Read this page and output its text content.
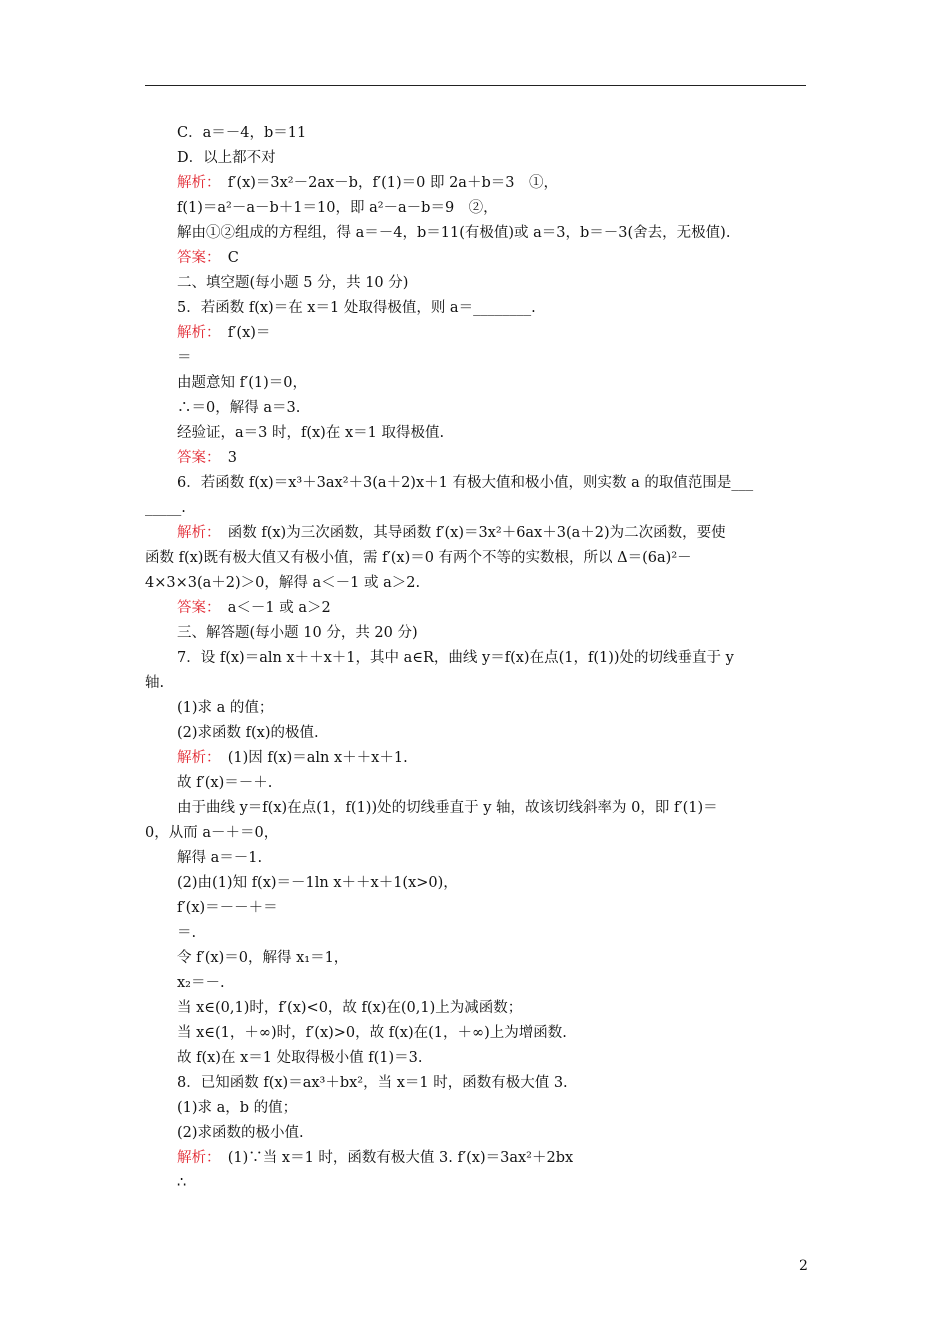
C．a＝－4，b＝11
D．以上都不对
解析：　f′(x)＝3x²－2ax－b，f′(1)＝0 即 2a＋b＝3　①，
f(1)＝a²－a－b＋1＝10，即 a²－a－b＝9　②，
解由①②组成的方程组，得 a＝－4，b＝11(有极值)或 a＝3，b＝－3(舍去，无极值).
答案：　C
二、填空题(每小题 5 分，共 10 分)
5．若函数 f(x)＝在 x＝1 处取得极值，则 a＝________.
解析：　f′(x)＝
＝
由题意知 f′(1)＝0，
∴＝0，解得 a＝3.
经验证，a＝3 时，f(x)在 x＝1 取得极值.
答案：　3
6．若函数 f(x)＝x³＋3ax²＋3(a＋2)x＋1 有极大值和极小值，则实数 a 的取值范围是___
_____.
解析：　函数 f(x)为三次函数，其导函数 f′(x)＝3x²＋6ax＋3(a＋2)为二次函数，要使
函数 f(x)既有极大值又有极小值，需 f′(x)＝0 有两个不等的实数根，所以 Δ＝(6a)²－
4×3×3(a＋2)＞0，解得 a＜－1 或 a＞2.
答案：　a＜－1 或 a＞2
三、解答题(每小题 10 分，共 20 分)
7．设 f(x)＝aln x＋＋x＋1，其中 a∈R，曲线 y＝f(x)在点(1，f(1))处的切线垂直于 y
轴.
(1)求 a 的值；
(2)求函数 f(x)的极值.
解析：　(1)因 f(x)＝aln x＋＋x＋1.
故 f′(x)＝－＋.
由于曲线 y＝f(x)在点(1，f(1))处的切线垂直于 y 轴，故该切线斜率为 0，即 f′(1)＝
0，从而 a－＋＝0，
解得 a＝－1.
(2)由(1)知 f(x)＝－1ln x＋＋x＋1(x>0)，
f′(x)＝－－＋＝
＝.
令 f′(x)＝0，解得 x₁＝1，
x₂＝－.
当 x∈(0,1)时，f′(x)<0，故 f(x)在(0,1)上为减函数；
当 x∈(1，＋∞)时，f′(x)>0，故 f(x)在(1，＋∞)上为增函数.
故 f(x)在 x＝1 处取得极小值 f(1)＝3.
8．已知函数 f(x)＝ax³＋bx²，当 x＝1 时，函数有极大值 3.
(1)求 a，b 的值；
(2)求函数的极小值.
解析：　(1)∵当 x＝1 时，函数有极大值 3. f′(x)＝3ax²＋2bx
∴
2
